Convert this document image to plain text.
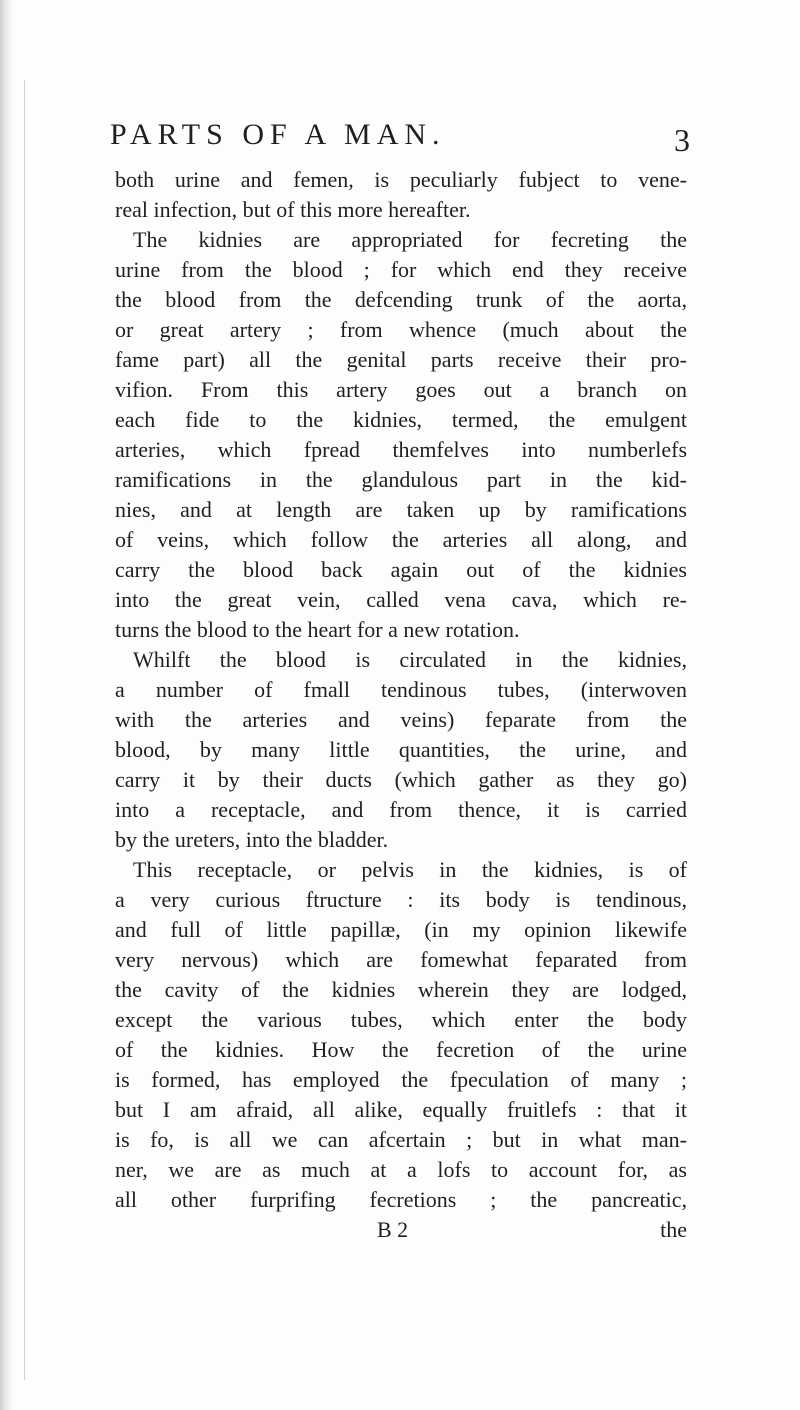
PARTS OF A MAN.	3
both urine and femen, is peculiarly fubject to vene-
real infection, but of this more hereafter.
The kidnies are appropriated for fecreting the
urine from the blood ; for which end they receive
the blood from the defcending trunk of the aorta,
or great artery ; from whence (much about the
fame part) all the genital parts receive their pro-
vifion. From this artery goes out a branch on
each fide to the kidnies, termed, the emulgent
arteries, which fpread themfelves into numberlefs
ramifications in the glandulous part in the kid-
nies, and at length are taken up by ramifications
of veins, which follow the arteries all along, and
carry the blood back again out of the kidnies
into the great vein, called vena cava, which re-
turns the blood to the heart for a new rotation.
Whilft the blood is circulated in the kidnies,
a number of fmall tendinous tubes, (interwoven
with the arteries and veins) feparate from the
blood, by many little quantities, the urine, and
carry it by their ducts (which gather as they go)
into a receptacle, and from thence, it is carried
by the ureters, into the bladder.
This receptacle, or pelvis in the kidnies, is of
a very curious ftructure : its body is tendinous,
and full of little papillæ, (in my opinion likewife
very nervous) which are fomewhat feparated from
the cavity of the kidnies wherein they are lodged,
except the various tubes, which enter the body
of the kidnies. How the fecretion of the urine
is formed, has employed the fpeculation of many ;
but I am afraid, all alike, equally fruitlefs : that it
is fo, is all we can afcertain ; but in what man-
ner, we are as much at a lofs to account for, as
all other furprifing fecretions ; the pancreatic,
B 2	the
